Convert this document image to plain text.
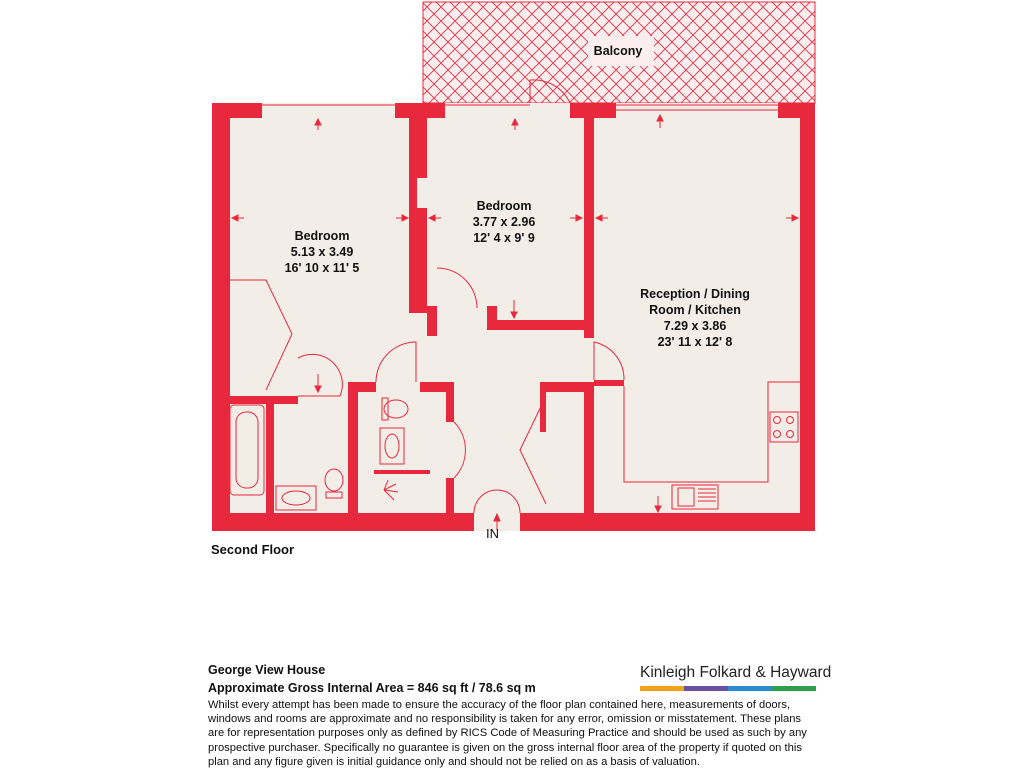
Balcony
Bedroom
5.13 x 3.49
16' 10 x 11' 5
Bedroom
3.77 x 2.96
12' 4 x 9' 9
Reception / Dining
Room / Kitchen
7.29 x 3.86
23' 11 x 12' 8
IN
Second Floor
George View House
Approximate Gross Internal Area = 846 sq ft / 78.6 sq m
Whilst every attempt has been made to ensure the accuracy of the floor plan contained here, measurements of doors, windows and rooms are approximate and no responsibility is taken for any error, omission or misstatement. These plans are for representation purposes only as defined by RICS Code of Measuring Practice and should be used as such by any prospective purchaser. Specifically no guarantee is given on the gross internal floor area of the property if quoted on this plan and any figure given is initial guidance only and should not be relied on as a basis of valuation.
Kinleigh Folkard & Hayward
